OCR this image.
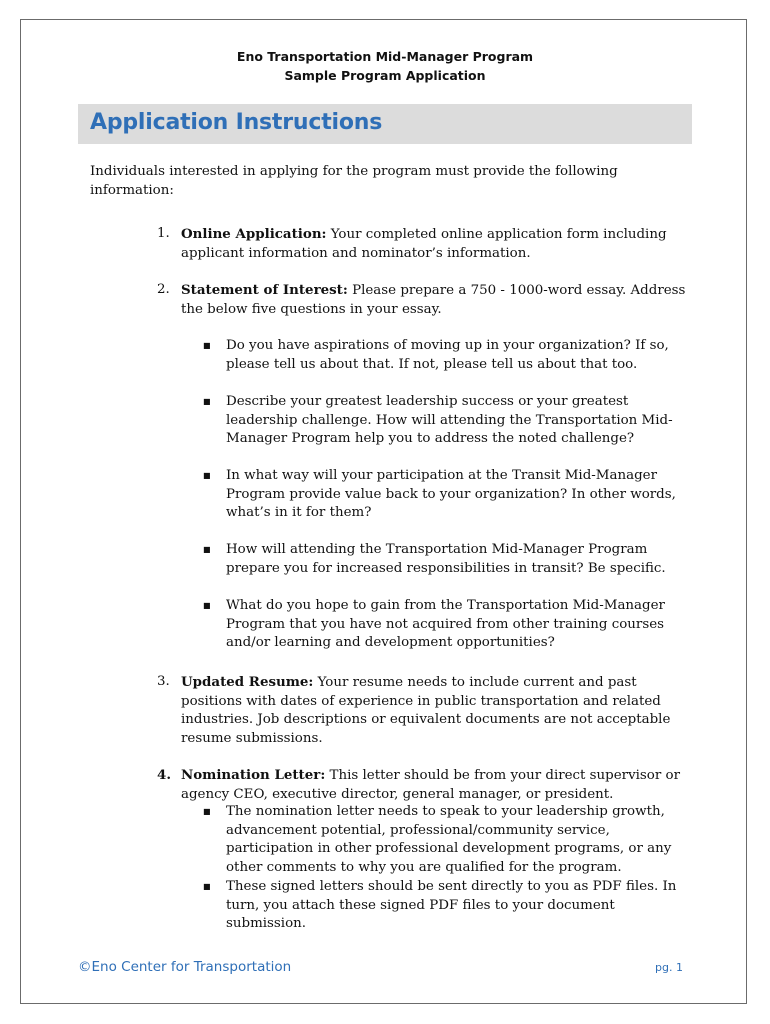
Eno Transportation Mid-Manager Program
Sample Program Application
Application Instructions
Individuals interested in applying for the program must provide the following information:
1. Online Application: Your completed online application form including applicant information and nominator’s information.
2. Statement of Interest: Please prepare a 750 - 1000-word essay. Address the below five questions in your essay.
■ Do you have aspirations of moving up in your organization? If so, please tell us about that. If not, please tell us about that too.
■ Describe your greatest leadership success or your greatest leadership challenge. How will attending the Transportation Mid-Manager Program help you to address the noted challenge?
■ In what way will your participation at the Transit Mid-Manager Program provide value back to your organization? In other words, what’s in it for them?
■ How will attending the Transportation Mid-Manager Program prepare you for increased responsibilities in transit? Be specific.
■ What do you hope to gain from the Transportation Mid-Manager Program that you have not acquired from other training courses and/or learning and development opportunities?
3. Updated Resume: Your resume needs to include current and past positions with dates of experience in public transportation and related industries. Job descriptions or equivalent documents are not acceptable resume submissions.
4. Nomination Letter: This letter should be from your direct supervisor or agency CEO, executive director, general manager, or president.
■ The nomination letter needs to speak to your leadership growth, advancement potential, professional/community service, participation in other professional development programs, or any other comments to why you are qualified for the program.
■ These signed letters should be sent directly to you as PDF files. In turn, you attach these signed PDF files to your document submission.
©Eno Center for Transportation	pg. 1
